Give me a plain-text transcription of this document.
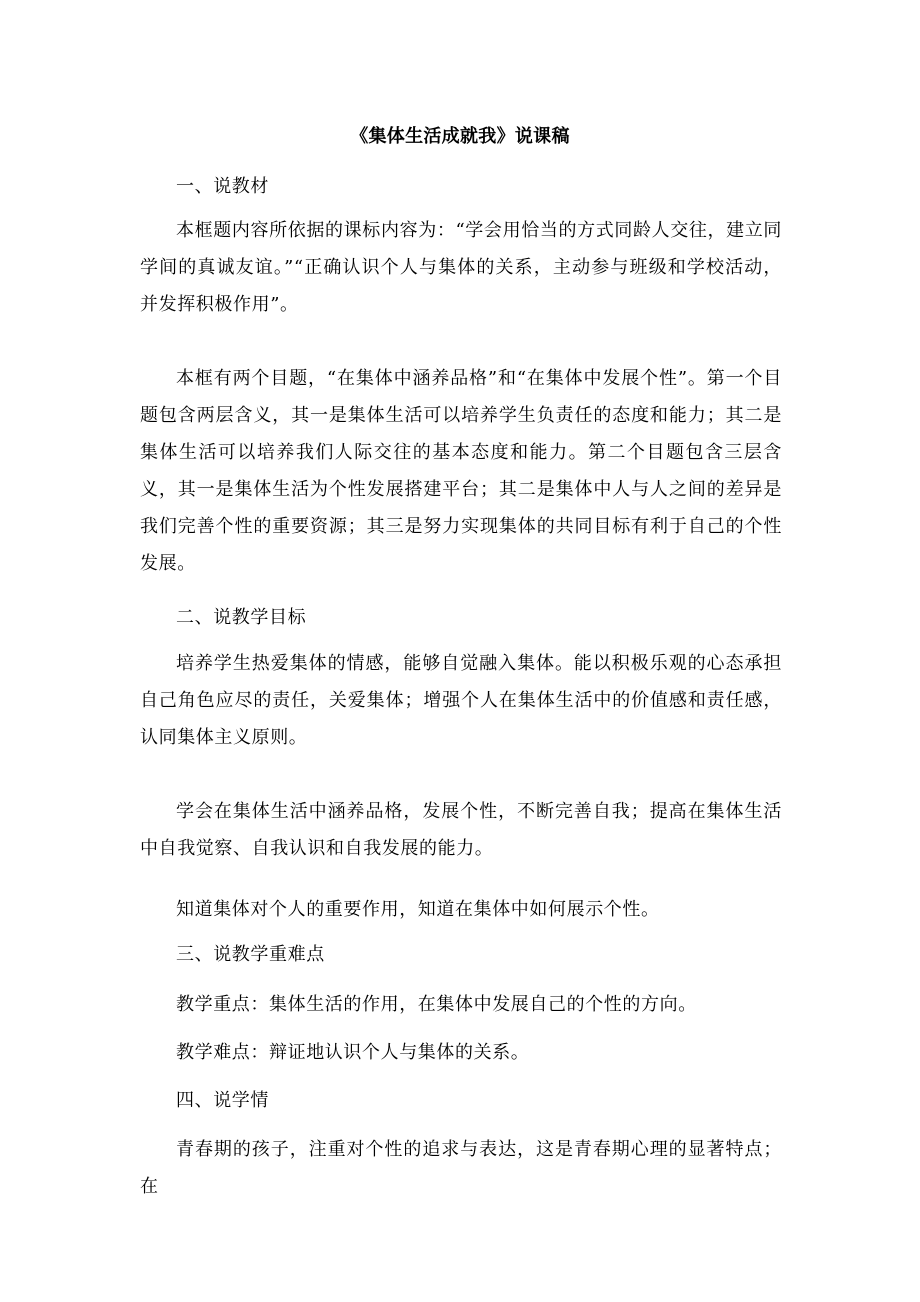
《集体生活成就我》说课稿

一、说教材

本框题内容所依据的课标内容为：“学会用恰当的方式同龄人交往，建立同学间的真诚友谊。”“正确认识个人与集体的关系，主动参与班级和学校活动，并发挥积极作用”。

本框有两个目题，“在集体中涵养品格”和“在集体中发展个性”。第一个目题包含两层含义，其一是集体生活可以培养学生负责任的态度和能力；其二是集体生活可以培养我们人际交往的基本态度和能力。第二个目题包含三层含义，其一是集体生活为个性发展搭建平台；其二是集体中人与人之间的差异是我们完善个性的重要资源；其三是努力实现集体的共同目标有利于自己的个性发展。

二、说教学目标

培养学生热爱集体的情感，能够自觉融入集体。能以积极乐观的心态承担自己角色应尽的责任，关爱集体；增强个人在集体生活中的价值感和责任感，认同集体主义原则。

学会在集体生活中涵养品格，发展个性，不断完善自我；提高在集体生活中自我觉察、自我认识和自我发展的能力。

知道集体对个人的重要作用，知道在集体中如何展示个性。

三、说教学重难点

教学重点：集体生活的作用，在集体中发展自己的个性的方向。

教学难点：辩证地认识个人与集体的关系。

四、说学情

青春期的孩子，注重对个性的追求与表达，这是青春期心理的显著特点；在
